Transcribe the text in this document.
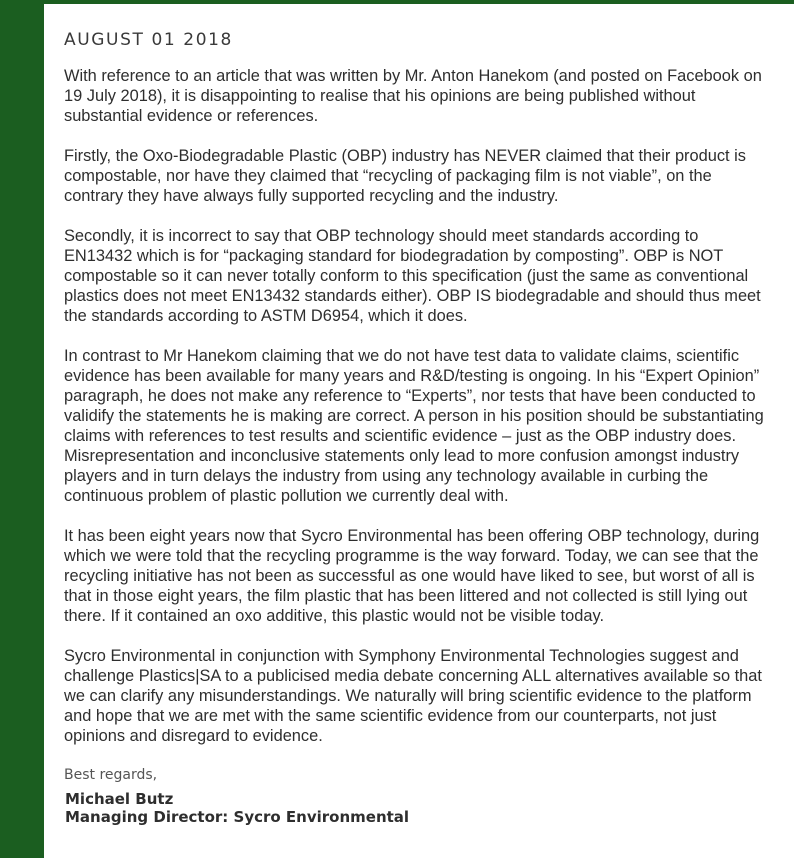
AUGUST 01 2018

With reference to an article that was written by Mr. Anton Hanekom (and posted on Facebook on 19 July 2018), it is disappointing to realise that his opinions are being published without substantial evidence or references.

Firstly, the Oxo-Biodegradable Plastic (OBP) industry has NEVER claimed that their product is compostable, nor have they claimed that “recycling of packaging film is not viable”, on the contrary they have always fully supported recycling and the industry.

Secondly, it is incorrect to say that OBP technology should meet standards according to EN13432 which is for “packaging standard for biodegradation by composting”. OBP is NOT compostable so it can never totally conform to this specification (just the same as conventional plastics does not meet EN13432 standards either). OBP IS biodegradable and should thus meet the standards according to ASTM D6954, which it does.

In contrast to Mr Hanekom claiming that we do not have test data to validate claims, scientific evidence has been available for many years and R&D/testing is ongoing. In his “Expert Opinion” paragraph, he does not make any reference to “Experts”, nor tests that have been conducted to validify the statements he is making are correct. A person in his position should be substantiating claims with references to test results and scientific evidence – just as the OBP industry does. Misrepresentation and inconclusive statements only lead to more confusion amongst industry players and in turn delays the industry from using any technology available in curbing the continuous problem of plastic pollution we currently deal with.

It has been eight years now that Sycro Environmental has been offering OBP technology, during which we were told that the recycling programme is the way forward. Today, we can see that the recycling initiative has not been as successful as one would have liked to see, but worst of all is that in those eight years, the film plastic that has been littered and not collected is still lying out there. If it contained an oxo additive, this plastic would not be visible today.

Sycro Environmental in conjunction with Symphony Environmental Technologies suggest and challenge Plastics|SA to a publicised media debate concerning ALL alternatives available so that we can clarify any misunderstandings. We naturally will bring scientific evidence to the platform and hope that we are met with the same scientific evidence from our counterparts, not just opinions and disregard to evidence.

Best regards,
Michael Butz
Managing Director: Sycro Environmental
